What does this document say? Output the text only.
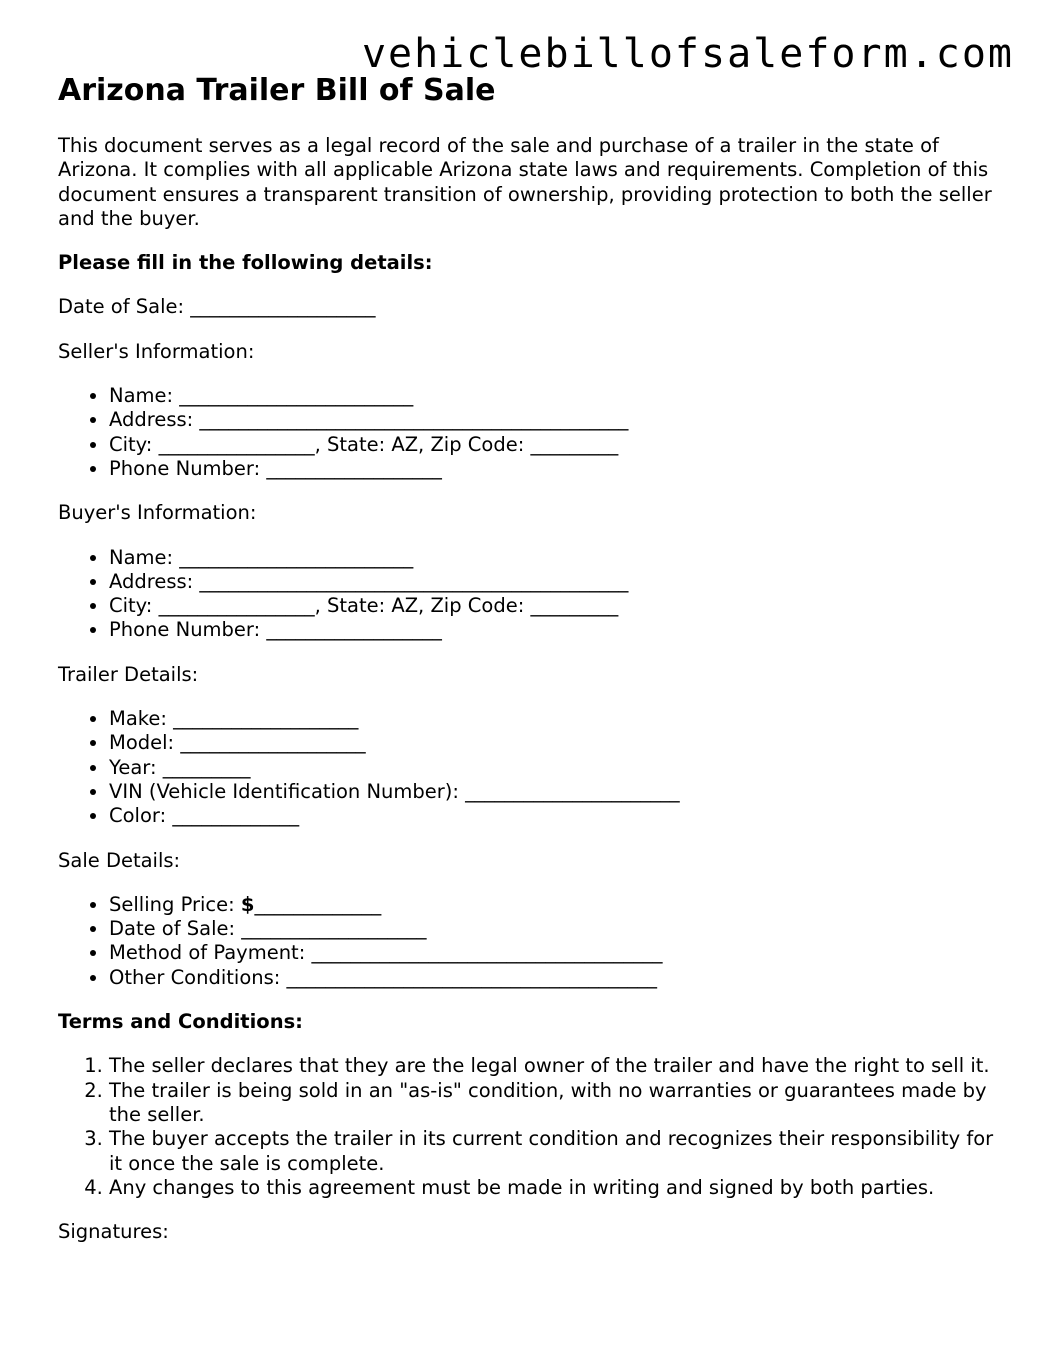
vehiclebillofsaleform.com
Arizona Trailer Bill of Sale

This document serves as a legal record of the sale and purchase of a trailer in the state of Arizona. It complies with all applicable Arizona state laws and requirements. Completion of this document ensures a transparent transition of ownership, providing protection to both the seller and the buyer.

Please fill in the following details:

Date of Sale: ___________________

Seller's Information:

• Name: ________________________
• Address: ____________________________________________
• City: ________________, State: AZ, Zip Code: _________
• Phone Number: __________________

Buyer's Information:

• Name: ________________________
• Address: ____________________________________________
• City: ________________, State: AZ, Zip Code: _________
• Phone Number: __________________

Trailer Details:

• Make: ___________________
• Model: ___________________
• Year: _________
• VIN (Vehicle Identification Number): ______________________
• Color: _____________

Sale Details:

• Selling Price: $_____________
• Date of Sale: ___________________
• Method of Payment: ____________________________________
• Other Conditions: ______________________________________

Terms and Conditions:

1. The seller declares that they are the legal owner of the trailer and have the right to sell it.
2. The trailer is being sold in an "as-is" condition, with no warranties or guarantees made by the seller.
3. The buyer accepts the trailer in its current condition and recognizes their responsibility for it once the sale is complete.
4. Any changes to this agreement must be made in writing and signed by both parties.

Signatures:
